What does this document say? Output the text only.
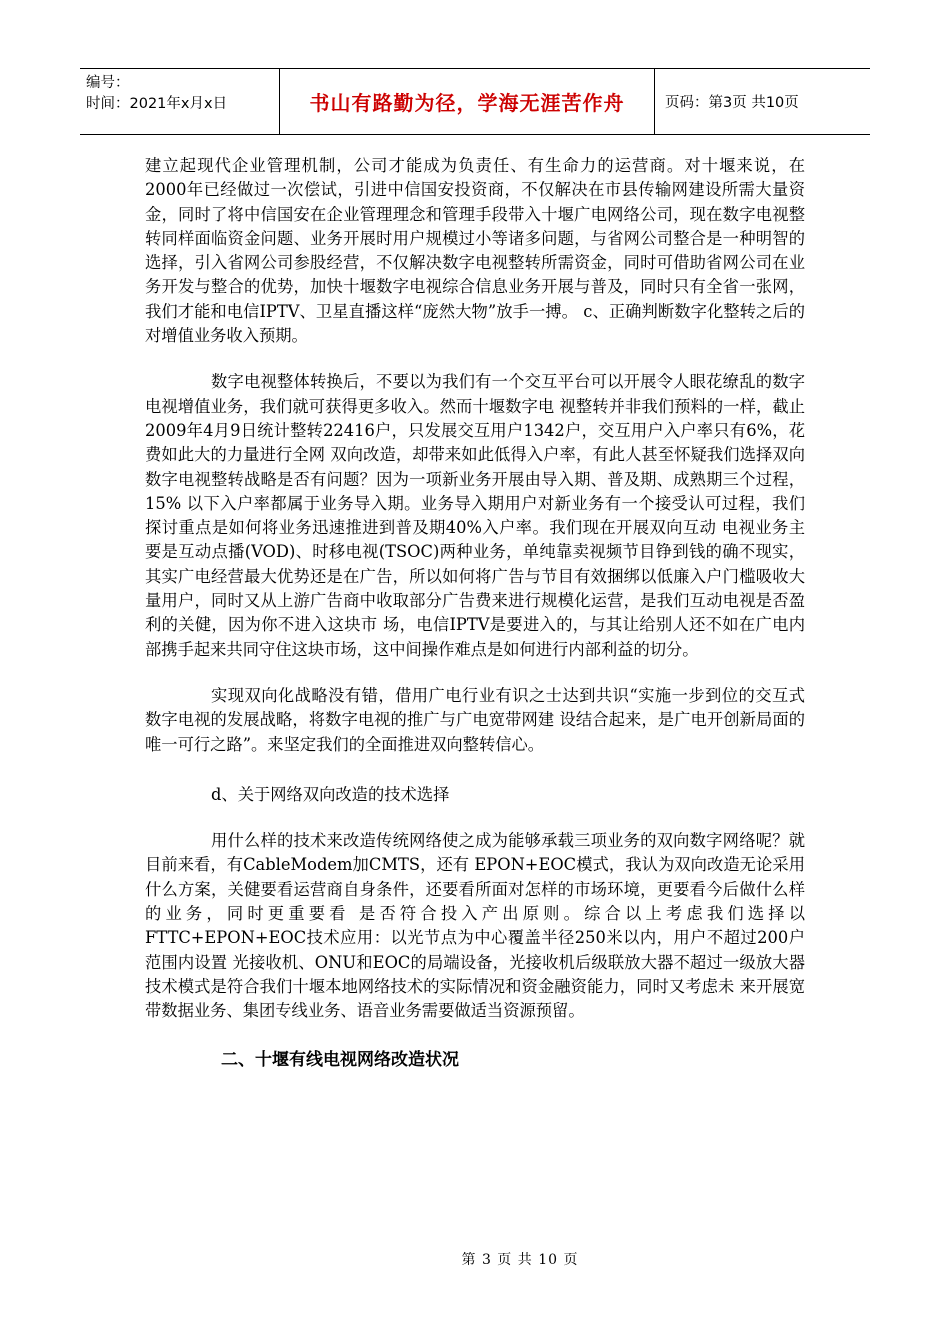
编号：
时间：2021年x月x日	书山有路勤为径，学海无涯苦作舟	页码：第3页 共10页

建立起现代企业管理机制，公司才能成为负责任、有生命力的运营商。对十堰来说，在2000年已经做过一次偿试，引进中信国安投资商，不仅解决在市县传输网建设所需大量资金，同时了将中信国安在企业管理理念和管理手段带入十堰广电网络公司，现在数字电视整转同样面临资金问题、业务开展时用户规模过小等诸多问题，与省网公司整合是一种明智的选择，引入省网公司参股经营，不仅解决数字电视整转所需资金，同时可借助省网公司在业务开发与整合的优势，加快十堰数字电视综合信息业务开展与普及，同时只有全省一张网，我们才能和电信IPTV、卫星直播这样“庞然大物”放手一搏。 c、正确判断数字化整转之后的对增值业务收入预期。

数字电视整体转换后，不要以为我们有一个交互平台可以开展令人眼花缭乱的数字电视增值业务，我们就可获得更多收入。然而十堰数字电 视整转并非我们预料的一样，截止2009年4月9日统计整转22416户，只发展交互用户1342户，交互用户入户率只有6%，花费如此大的力量进行全网 双向改造，却带来如此低得入户率，有此人甚至怀疑我们选择双向数字电视整转战略是否有问题？因为一项新业务开展由导入期、普及期、成熟期三个过程，15% 以下入户率都属于业务导入期。业务导入期用户对新业务有一个接受认可过程，我们探讨重点是如何将业务迅速推进到普及期40%入户率。我们现在开展双向互动 电视业务主要是互动点播(VOD)、时移电视(TSOC)两种业务，单纯靠卖视频节目铮到钱的确不现实，其实广电经营最大优势还是在广告，所以如何将广告与节目有效捆绑以低廉入户门槛吸收大量用户，同时又从上游广告商中收取部分广告费来进行规模化运营，是我们互动电视是否盈利的关健，因为你不进入这块市 场，电信IPTV是要进入的，与其让给别人还不如在广电内部携手起来共同守住这块市场，这中间操作难点是如何进行内部利益的切分。

实现双向化战略没有错，借用广电行业有识之士达到共识“实施一步到位的交互式数字电视的发展战略，将数字电视的推广与广电宽带网建 设结合起来，是广电开创新局面的唯一可行之路”。来坚定我们的全面推进双向整转信心。

d、关于网络双向改造的技术选择

用什么样的技术来改造传统网络使之成为能够承载三项业务的双向数字网络呢？就目前来看，有CableModem加CMTS，还有 EPON+EOC模式，我认为双向改造无论采用什么方案，关健要看运营商自身条件，还要看所面对怎样的市场环境，更要看今后做什么样的业务，同时更重要看 是否符合投入产出原则。综合以上考虑我们选择以FTTC+EPON+EOC技术应用：以光节点为中心覆盖半径250米以内，用户不超过200户范围内设置 光接收机、ONU和EOC的局端设备，光接收机后级联放大器不超过一级放大器技术模式是符合我们十堰本地网络技术的实际情况和资金融资能力，同时又考虑未 来开展宽带数据业务、集团专线业务、语音业务需要做适当资源预留。

二、十堰有线电视网络改造状况
第 3 页 共 10 页
